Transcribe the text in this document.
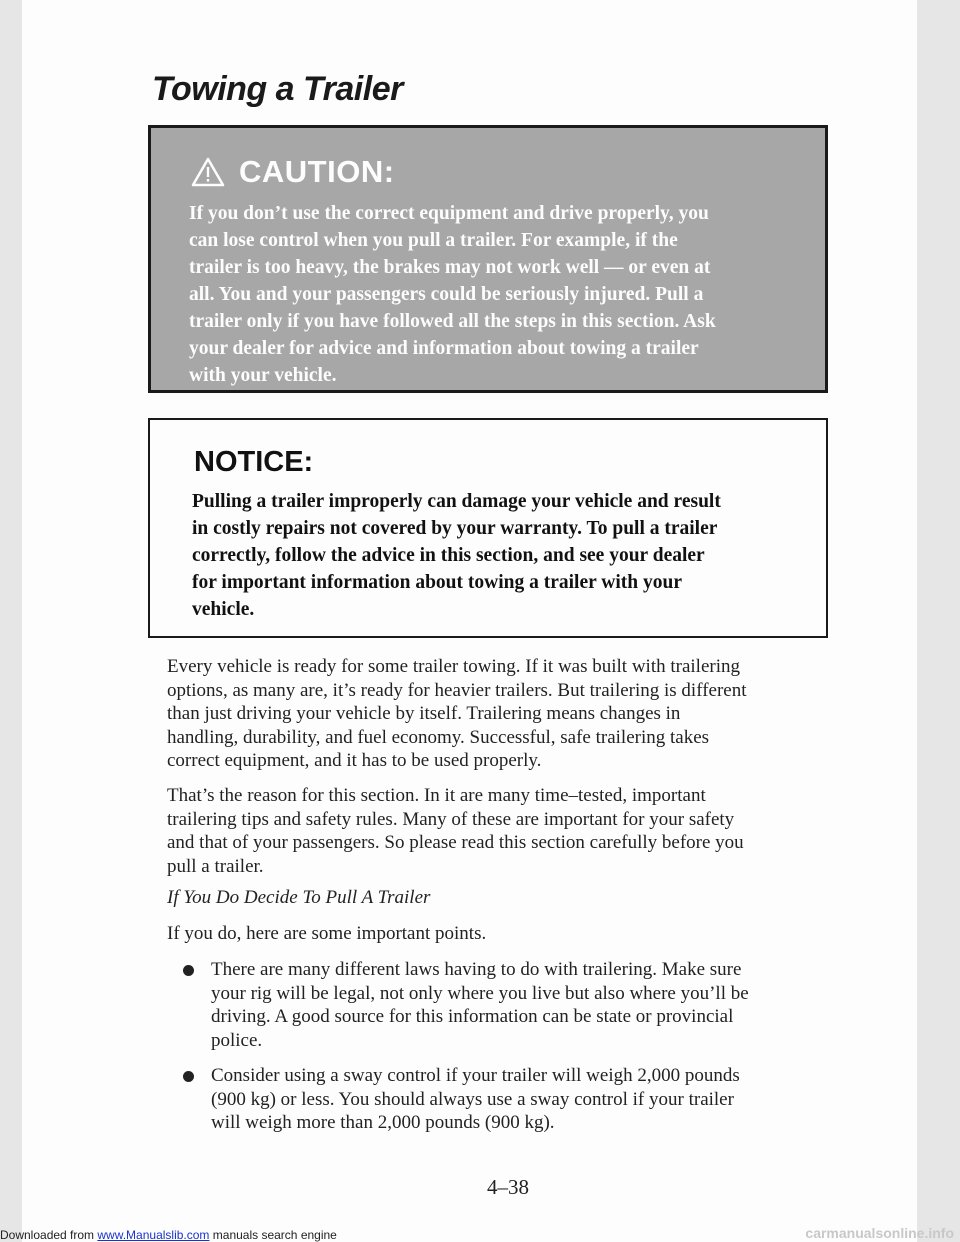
Towing a Trailer
CAUTION:
If you don’t use the correct equipment and drive properly, you
can lose control when you pull a trailer. For example, if the
trailer is too heavy, the brakes may not work well — or even at
all. You and your passengers could be seriously injured. Pull a
trailer only if you have followed all the steps in this section. Ask
your dealer for advice and information about towing a trailer
with your vehicle.
NOTICE:
Pulling a trailer improperly can damage your vehicle and result
in costly repairs not covered by your warranty. To pull a trailer
correctly, follow the advice in this section, and see your dealer
for important information about towing a trailer with your
vehicle.
Every vehicle is ready for some trailer towing. If it was built with trailering
options, as many are, it’s ready for heavier trailers. But trailering is different
than just driving your vehicle by itself. Trailering means changes in
handling, durability, and fuel economy. Successful, safe trailering takes
correct equipment, and it has to be used properly.
That’s the reason for this section. In it are many time–tested, important
trailering tips and safety rules. Many of these are important for your safety
and that of your passengers. So please read this section carefully before you
pull a trailer.
If You Do Decide To Pull A Trailer
If you do, here are some important points.
There are many different laws having to do with trailering. Make sure
your rig will be legal, not only where you live but also where you’ll be
driving. A good source for this information can be state or provincial
police.
Consider using a sway control if your trailer will weigh 2,000 pounds
(900 kg) or less. You should always use a sway control if your trailer
will weigh more than 2,000 pounds (900 kg).
4–38
Downloaded from www.Manualslib.com manuals search engine	carmanualsonline.info
